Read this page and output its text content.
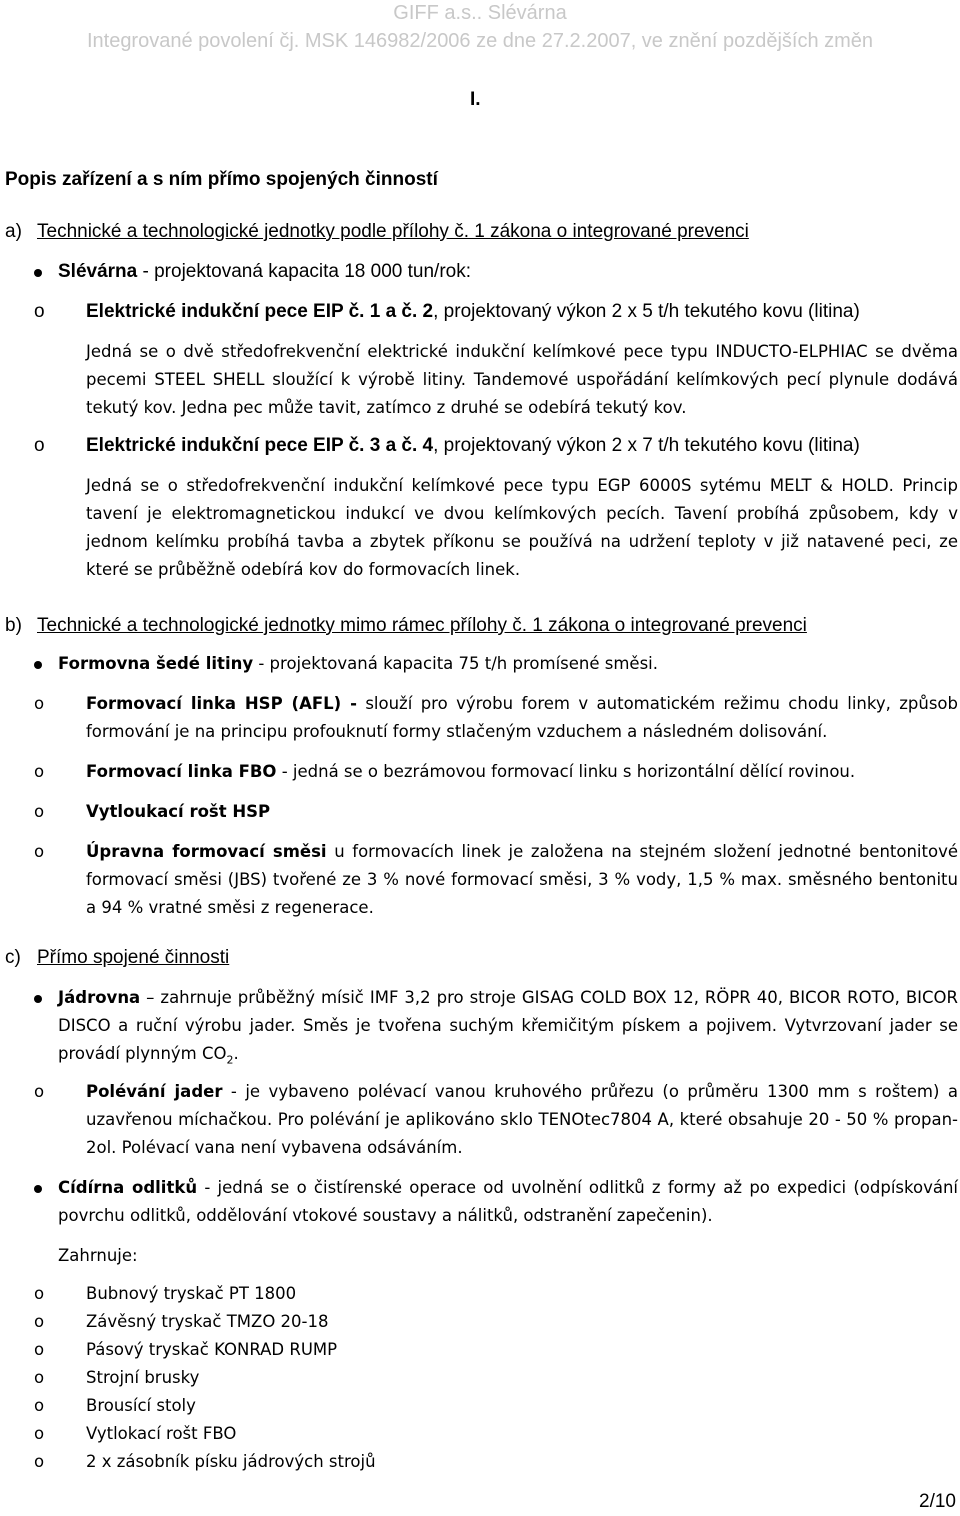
GIFF a.s.. Slévárna
Integrované povolení čj. MSK 146982/2006 ze dne 27.2.2007, ve znění pozdějších změn
I.
Popis zařízení a s ním přímo spojených činností
a) Technické a technologické jednotky podle přílohy č. 1 zákona o integrované prevenci
Slévárna - projektovaná kapacita 18 000 tun/rok:
o Elektrické indukční pece EIP č. 1 a č. 2, projektovaný výkon 2 x 5 t/h tekutého kovu (litina)
Jedná se o dvě středofrekvenční elektrické indukční kelímkové pece typu INDUCTO-ELPHIAC se dvěma pecemi STEEL SHELL sloužící k výrobě litiny. Tandemové uspořádání kelímkových pecí plynule dodává tekutý kov. Jedna pec může tavit, zatímco z druhé se odebírá tekutý kov.
o Elektrické indukční pece EIP č. 3 a č. 4, projektovaný výkon 2 x 7 t/h tekutého kovu (litina)
Jedná se o středofrekvenční indukční kelímkové pece typu EGP 6000S sytému MELT & HOLD. Princip tavení je elektromagnetickou indukcí ve dvou kelímkových pecích. Tavení probíhá způsobem, kdy v jednom kelímku probíhá tavba a zbytek příkonu se používá na udržení teploty v již natavené peci, ze které se průběžně odebírá kov do formovacích linek.
b) Technické a technologické jednotky mimo rámec přílohy č. 1 zákona o integrované prevenci
Formovna šedé litiny - projektovaná kapacita 75 t/h promísené směsi.
o	Formovací linka HSP (AFL) - slouží pro výrobu forem v automatickém režimu chodu linky, způsob formování je na principu profouknutí formy stlačeným vzduchem a následném dolisování.
o	Formovací linka FBO - jedná se o bezrámovou formovací linku s horizontální dělící rovinou.
o	Vytloukací rošt HSP
o	Úpravna formovací směsi u formovacích linek je založena na stejném složení jednotné bentonitové formovací směsi (JBS) tvořené ze 3 % nové formovací směsi, 3 % vody, 1,5 % max. směsného bentonitu a 94 % vratné směsi z regenerace.
c) Přímo spojené činnosti
Jádrovna – zahrnuje průběžný mísič IMF 3,2 pro stroje GISAG COLD BOX 12, RÖPR 40, BICOR ROTO, BICOR DISCO a ruční výrobu jader. Směs je tvořena suchým křemičitým pískem a pojivem. Vytvrzovaní jader se provádí plynným $CO_2$.
o	Polévání jader - je vybaveno polévací vanou kruhového průřezu (o průměru 1300 mm s roštem) a uzavřenou míchačkou. Pro polévání je aplikováno sklo TENOtec7804 A, které obsahuje 20 - 50 % propan-2ol. Polévací vana není vybavena odsáváním.
Cídírna odlitků - jedná se o čistírenské operace od uvolnění odlitků z formy až po expedici (odpískování povrchu odlitků, oddělování vtokové soustavy a nálitků, odstranění zapečenin).
Zahrnuje:
o	Bubnový tryskač PT 1800
o	Závěsný tryskač TMZO 20-18
o	Pásový tryskač KONRAD RUMP
o	Strojní brusky
o	Brousící stoly
o	Vytlokací rošt FBO
o	2 x zásobník písku jádrových strojů
2/10
